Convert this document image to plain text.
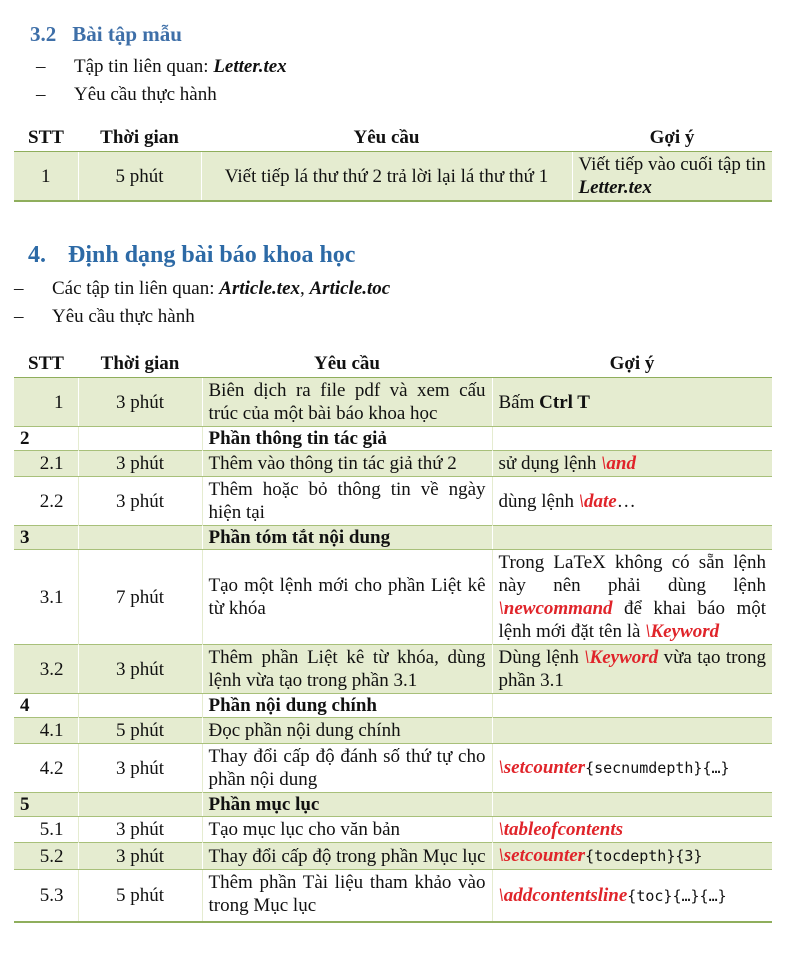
3.2 Bài tập mẫu
– Tập tin liên quan: Letter.tex
– Yêu cầu thực hành
STT	Thời gian	Yêu cầu	Gợi ý
1	5 phút	Viết tiếp lá thư thứ 2 trả lời lại lá thư thứ 1	Viết tiếp vào cuối tập tin Letter.tex
4. Định dạng bài báo khoa học
– Các tập tin liên quan: Article.tex, Article.toc
– Yêu cầu thực hành
STT	Thời gian	Yêu cầu	Gợi ý
1	3 phút	Biên dịch ra file pdf và xem cấu trúc của một bài báo khoa học	Bấm Ctrl T
2		Phần thông tin tác giả	
2.1	3 phút	Thêm vào thông tin tác giả thứ 2	sử dụng lệnh \and
2.2	3 phút	Thêm hoặc bỏ thông tin về ngày hiện tại	dùng lệnh \date…
3		Phần tóm tắt nội dung	
3.1	7 phút	Tạo một lệnh mới cho phần Liệt kê từ khóa	Trong LaTeX không có sẵn lệnh này nên phải dùng lệnh \newcommand để khai báo một lệnh mới đặt tên là \Keyword
3.2	3 phút	Thêm phần Liệt kê từ khóa, dùng lệnh vừa tạo trong phần 3.1	Dùng lệnh \Keyword vừa tạo trong phần 3.1
4		Phần nội dung chính	
4.1	5 phút	Đọc phần nội dung chính	
4.2	3 phút	Thay đổi cấp độ đánh số thứ tự cho phần nội dung	\setcounter{secnumdepth}{…}
5		Phần mục lục	
5.1	3 phút	Tạo mục lục cho văn bản	\tableofcontents
5.2	3 phút	Thay đổi cấp độ trong phần Mục lục	\setcounter{tocdepth}{3}
5.3	5 phút	Thêm phần Tài liệu tham khảo vào trong Mục lục	\addcontentsline{toc}{…}{…}
